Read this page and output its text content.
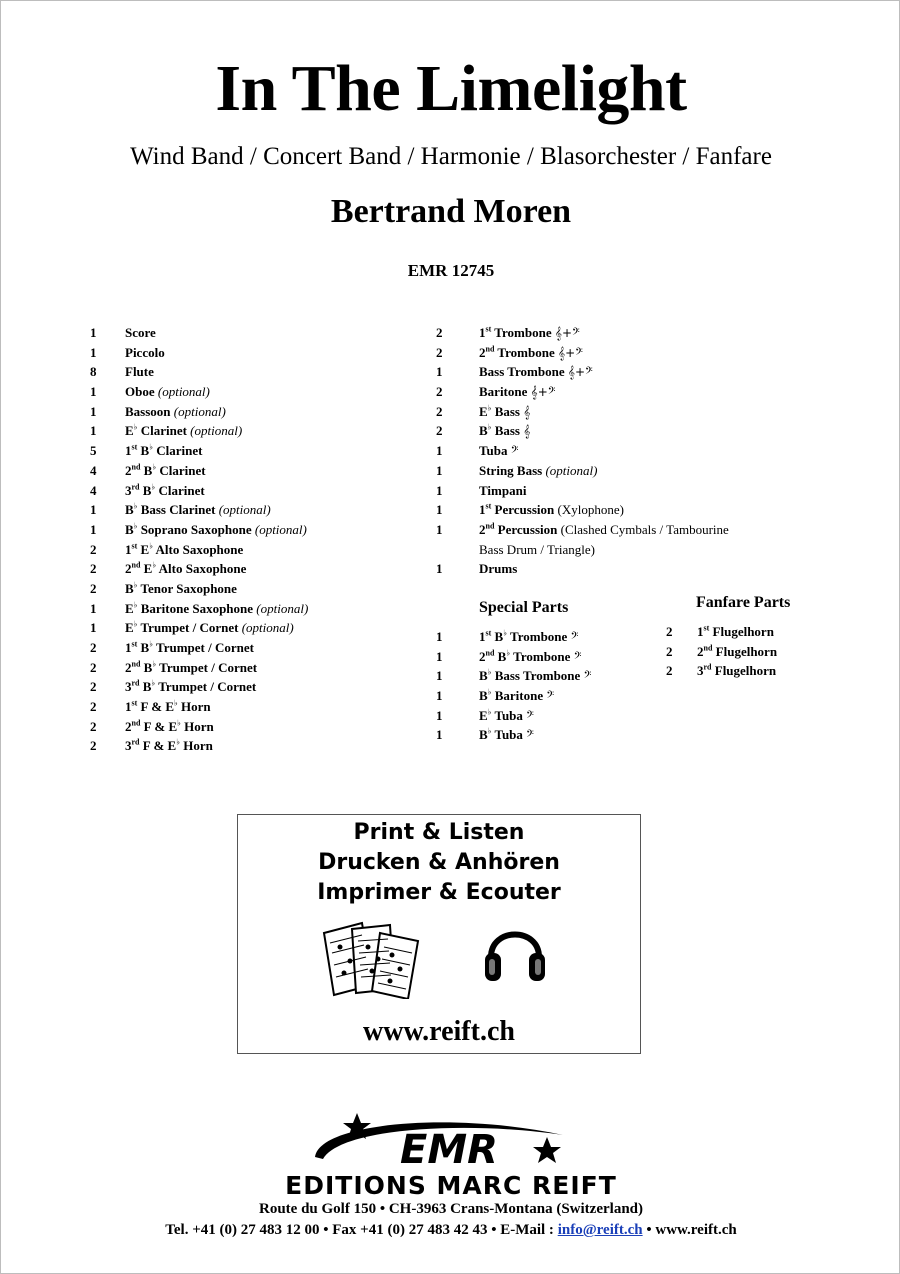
In The Limelight
Wind Band / Concert Band / Harmonie / Blasorchester / Fanfare
Bertrand Moren
EMR 12745
1 Score
1 Piccolo
8 Flute
1 Oboe (optional)
1 Bassoon (optional)
1 E♭ Clarinet (optional)
5 1st B♭ Clarinet
4 2nd B♭ Clarinet
4 3rd B♭ Clarinet
1 B♭ Bass Clarinet (optional)
1 B♭ Soprano Saxophone (optional)
2 1st E♭ Alto Saxophone
2 2nd E♭ Alto Saxophone
2 B♭ Tenor Saxophone
1 E♭ Baritone Saxophone (optional)
1 E♭ Trumpet / Cornet (optional)
2 1st B♭ Trumpet / Cornet
2 2nd B♭ Trumpet / Cornet
2 3rd B♭ Trumpet / Cornet
2 1st F & E♭ Horn
2 2nd F & E♭ Horn
2 3rd F & E♭ Horn
2	1st Trombone 𝄞+𝄢
2	2nd Trombone 𝄞+𝄢
1	Bass Trombone 𝄞+𝄢
2	Baritone 𝄞+𝄢
2	E♭ Bass 𝄞
2	B♭ Bass 𝄞
1	Tuba 𝄢
1	String Bass (optional)
1	Timpani
1	1st Percussion (Xylophone)
1	2nd Percussion (Clashed Cymbals / Tambourine
Bass Drum / Triangle)
1	Drums
Special Parts
1	1st B♭ Trombone 𝄢
1	2nd B♭ Trombone 𝄢
1	B♭ Bass Trombone 𝄢
1	B♭ Baritone 𝄢
1	E♭ Tuba 𝄢
1	B♭ Tuba 𝄢
Fanfare Parts
2 1st Flugelhorn
2 2nd Flugelhorn
2 3rd Flugelhorn
Print & Listen
Drucken & Anhören
Imprimer & Ecouter
www.reift.ch
EMR
EDITIONS MARC REIFT
Route du Golf 150 • CH-3963 Crans-Montana (Switzerland)
Tel. +41 (0) 27 483 12 00 • Fax +41 (0) 27 483 42 43 • E-Mail : info@reift.ch • www.reift.ch
